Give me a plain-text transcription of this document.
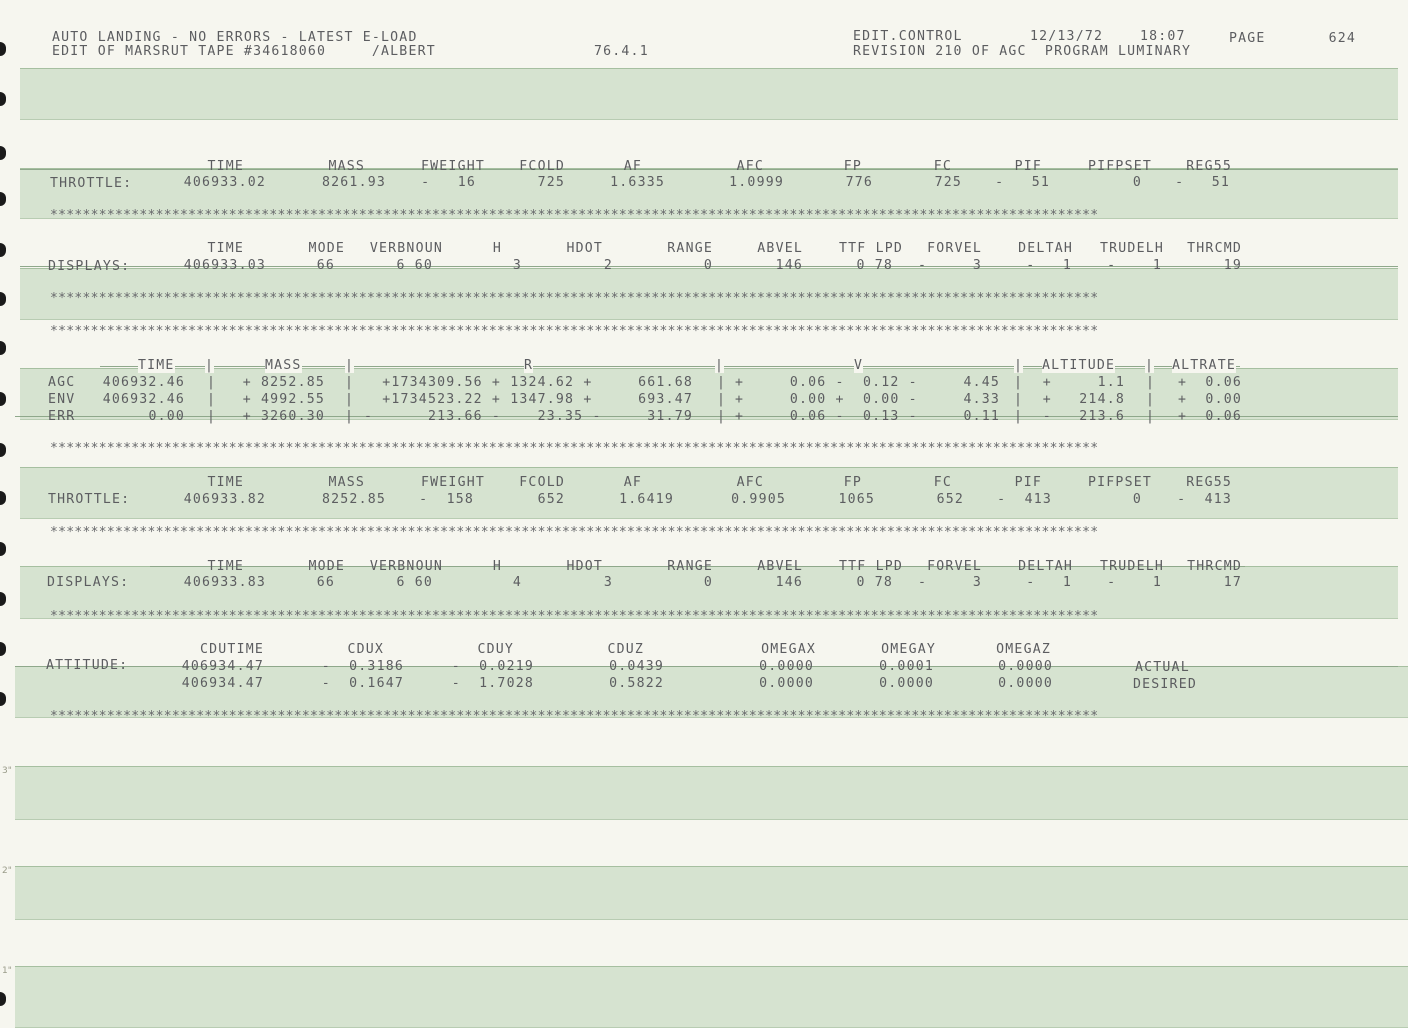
3"
2"
1"
AUTO LANDING - NO ERRORS - LATEST E-LOAD
EDIT OF MARSRUT TAPE #34618060     /ALBERT	76.4.1
EDIT.CONTROL	12/13/72	18:07	PAGE	624
REVISION 210 OF AGC  PROGRAM LUMINARY
TIME	MASS	FWEIGHT	FCOLD	AF	AFC	FP	FC	PIF	PIFPSET	REG55
THROTTLE:	406933.02	8261.93	-   16	725	1.6335	1.0999	776	725	-   51	0	-   51
*********************************************************************************************************************************
TIME	MODE	VERBNOUN	H	HDOT	RANGE	ABVEL	TTF LPD	FORVEL	DELTAH	TRUDELH	THRCMD
DISPLAYS:	406933.03	66	6 60	3	2	0	146	0 78	-     3	-   1	-    1	19
*********************************************************************************************************************************
*********************************************************************************************************************************
TIME |	MASS	|	R	|	V	| ALTITUDE | ALTRATE
AGC	406932.46 |	+ 8252.85 |	+1734309.56 + 1324.62 +     661.68 | +     0.06 -  0.12 -     4.45 |	+     1.1 |	+  0.06
ENV	406932.46 |	+ 4992.55 |	+1734523.22 + 1347.98 +     693.47 | +     0.00 +  0.00 -     4.33 |	+   214.8 |	+  0.00
ERR	0.00 |	+ 3260.30 | -      213.66 -    23.35 -     31.79 | +     0.06 -  0.13 -     0.11 |	-   213.6 |	+  0.06
*********************************************************************************************************************************
TIME	MASS	FWEIGHT	FCOLD	AF	AFC	FP	FC	PIF	PIFPSET	REG55
THROTTLE:	406933.82	8252.85	-  158	652	1.6419	0.9905	1065	652	-  413	0	-  413
*********************************************************************************************************************************
TIME	MODE	VERBNOUN	H	HDOT	RANGE	ABVEL	TTF LPD	FORVEL	DELTAH	TRUDELH	THRCMD
DISPLAYS:	406933.83	66	6 60	4	3	0	146	0 78	-     3	-   1	-    1	17
*********************************************************************************************************************************
CDUTIME	CDUX	CDUY	CDUZ	OMEGAX	OMEGAY	OMEGAZ
ATTITUDE:	406934.47	-  0.3186	-  0.0219	0.0439	0.0000	0.0001	0.0000	ACTUAL
406934.47	-  0.1647	-  1.7028	0.5822	0.0000	0.0000	0.0000	DESIRED
*********************************************************************************************************************************
